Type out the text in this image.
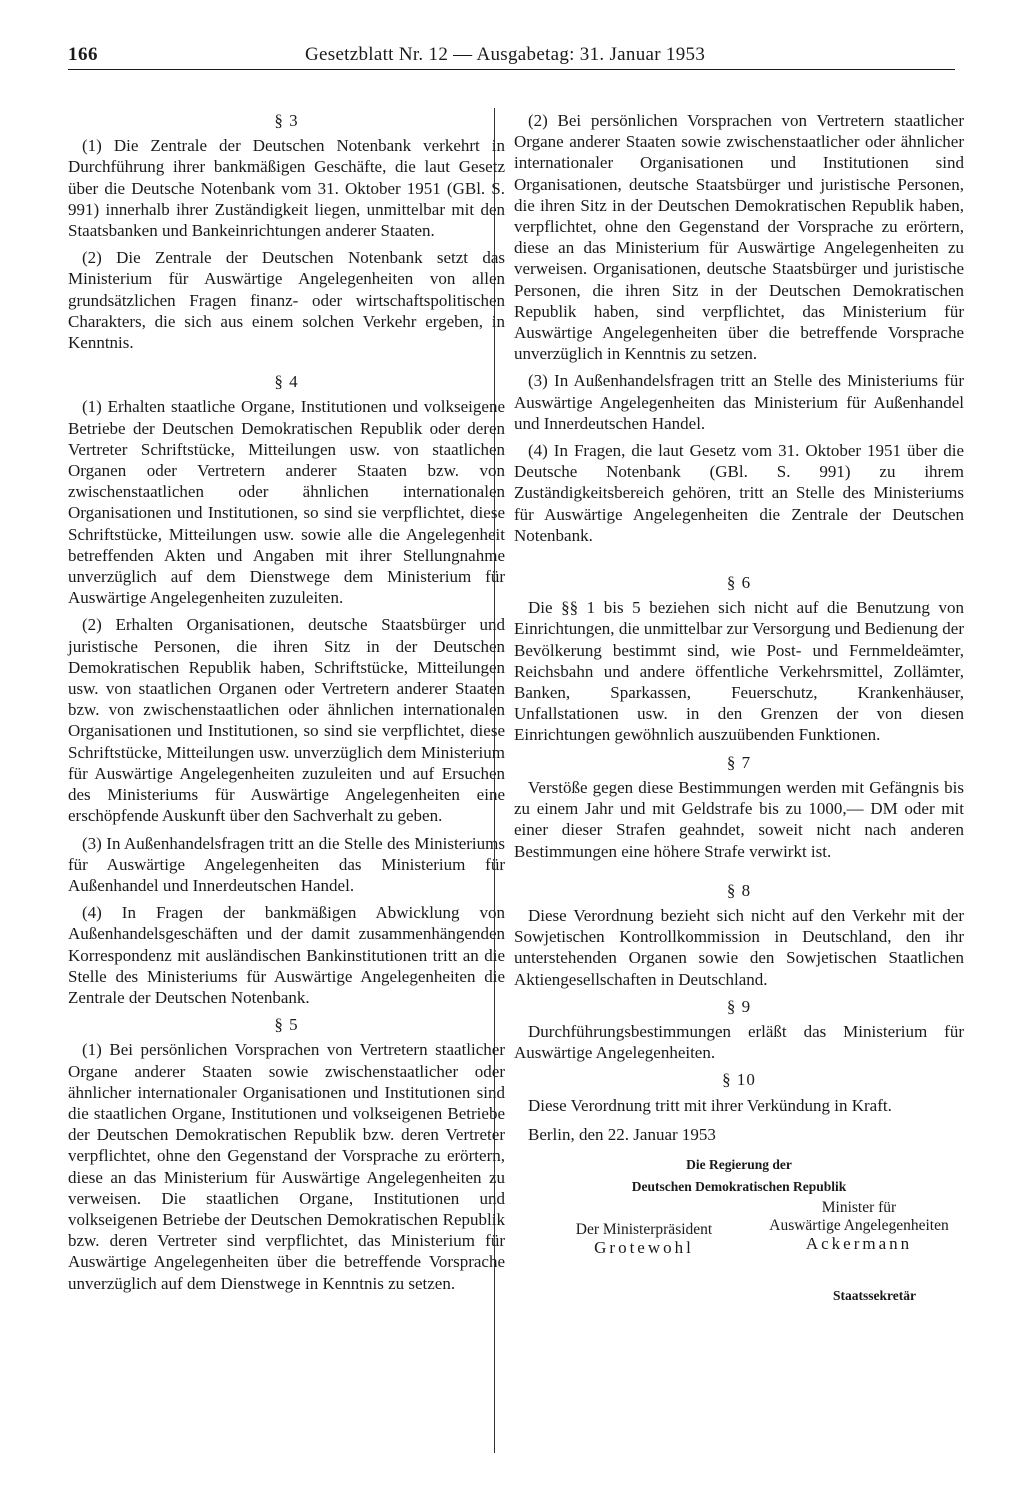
166	Gesetzblatt Nr. 12 — Ausgabetag: 31. Januar 1953
§ 3

(1) Die Zentrale der Deutschen Notenbank verkehrt in Durchführung ihrer bankmäßigen Geschäfte, die laut Gesetz über die Deutsche Notenbank vom 31. Oktober 1951 (GBl. S. 991) innerhalb ihrer Zuständigkeit liegen, unmittelbar mit den Staatsbanken und Bankeinrichtungen anderer Staaten.

(2) Die Zentrale der Deutschen Notenbank setzt das Ministerium für Auswärtige Angelegenheiten von allen grundsätzlichen Fragen finanz- oder wirtschaftspolitischen Charakters, die sich aus einem solchen Verkehr ergeben, in Kenntnis.

§ 4

(1) Erhalten staatliche Organe, Institutionen und volkseigene Betriebe der Deutschen Demokratischen Republik oder deren Vertreter Schriftstücke, Mitteilungen usw. von staatlichen Organen oder Vertretern anderer Staaten bzw. von zwischenstaatlichen oder ähnlichen internationalen Organisationen und Institutionen, so sind sie verpflichtet, diese Schriftstücke, Mitteilungen usw. sowie alle die Angelegenheit betreffenden Akten und Angaben mit ihrer Stellungnahme unverzüglich auf dem Dienstwege dem Ministerium für Auswärtige Angelegenheiten zuzuleiten.

(2) Erhalten Organisationen, deutsche Staatsbürger und juristische Personen, die ihren Sitz in der Deutschen Demokratischen Republik haben, Schriftstücke, Mitteilungen usw. von staatlichen Organen oder Vertretern anderer Staaten bzw. von zwischenstaatlichen oder ähnlichen internationalen Organisationen und Institutionen, so sind sie verpflichtet, diese Schriftstücke, Mitteilungen usw. unverzüglich dem Ministerium für Auswärtige Angelegenheiten zuzuleiten und auf Ersuchen des Ministeriums für Auswärtige Angelegenheiten eine erschöpfende Auskunft über den Sachverhalt zu geben.

(3) In Außenhandelsfragen tritt an die Stelle des Ministeriums für Auswärtige Angelegenheiten das Ministerium für Außenhandel und Innerdeutschen Handel.

(4) In Fragen der bankmäßigen Abwicklung von Außenhandelsgeschäften und der damit zusammenhängenden Korrespondenz mit ausländischen Bankinstitutionen tritt an die Stelle des Ministeriums für Auswärtige Angelegenheiten die Zentrale der Deutschen Notenbank.

§ 5

(1) Bei persönlichen Vorsprachen von Vertretern staatlicher Organe anderer Staaten sowie zwischenstaatlicher oder ähnlicher internationaler Organisationen und Institutionen sind die staatlichen Organe, Institutionen und volkseigenen Betriebe der Deutschen Demokratischen Republik bzw. deren Vertreter verpflichtet, ohne den Gegenstand der Vorsprache zu erörtern, diese an das Ministerium für Auswärtige Angelegenheiten zu verweisen. Die staatlichen Organe, Institutionen und volkseigenen Betriebe der Deutschen Demokratischen Republik bzw. deren Vertreter sind verpflichtet, das Ministerium für Auswärtige Angelegenheiten über die betreffende Vorsprache unverzüglich auf dem Dienstwege in Kenntnis zu setzen.

(2) Bei persönlichen Vorsprachen von Vertretern staatlicher Organe anderer Staaten sowie zwischenstaatlicher oder ähnlicher internationaler Organisationen und Institutionen sind Organisationen, deutsche Staatsbürger und juristische Personen, die ihren Sitz in der Deutschen Demokratischen Republik haben, verpflichtet, ohne den Gegenstand der Vorsprache zu erörtern, diese an das Ministerium für Auswärtige Angelegenheiten zu verweisen. Organisationen, deutsche Staatsbürger und juristische Personen, die ihren Sitz in der Deutschen Demokratischen Republik haben, sind verpflichtet, das Ministerium für Auswärtige Angelegenheiten über die betreffende Vorsprache unverzüglich in Kenntnis zu setzen.

(3) In Außenhandelsfragen tritt an Stelle des Ministeriums für Auswärtige Angelegenheiten das Ministerium für Außenhandel und Innerdeutschen Handel.

(4) In Fragen, die laut Gesetz vom 31. Oktober 1951 über die Deutsche Notenbank (GBl. S. 991) zu ihrem Zuständigkeitsbereich gehören, tritt an Stelle des Ministeriums für Auswärtige Angelegenheiten die Zentrale der Deutschen Notenbank.

§ 6

Die §§ 1 bis 5 beziehen sich nicht auf die Benutzung von Einrichtungen, die unmittelbar zur Versorgung und Bedienung der Bevölkerung bestimmt sind, wie Post- und Fernmeldeämter, Reichsbahn und andere öffentliche Verkehrsmittel, Zollämter, Banken, Sparkassen, Feuerschutz, Krankenhäuser, Unfallstationen usw. in den Grenzen der von diesen Einrichtungen gewöhnlich auszuübenden Funktionen.

§ 7

Verstöße gegen diese Bestimmungen werden mit Gefängnis bis zu einem Jahr und mit Geldstrafe bis zu 1000,— DM oder mit einer dieser Strafen geahndet, soweit nicht nach anderen Bestimmungen eine höhere Strafe verwirkt ist.

§ 8

Diese Verordnung bezieht sich nicht auf den Verkehr mit der Sowjetischen Kontrollkommission in Deutschland, den ihr unterstehenden Organen sowie den Sowjetischen Staatlichen Aktiengesellschaften in Deutschland.

§ 9

Durchführungsbestimmungen erläßt das Ministerium für Auswärtige Angelegenheiten.

§ 10

Diese Verordnung tritt mit ihrer Verkündung in Kraft.

Berlin, den 22. Januar 1953

Die Regierung der
Deutschen Demokratischen Republik
Der Ministerpräsident
Grotewohl
Minister für
Auswärtige Angelegenheiten
Ackermann
Staatssekretär
